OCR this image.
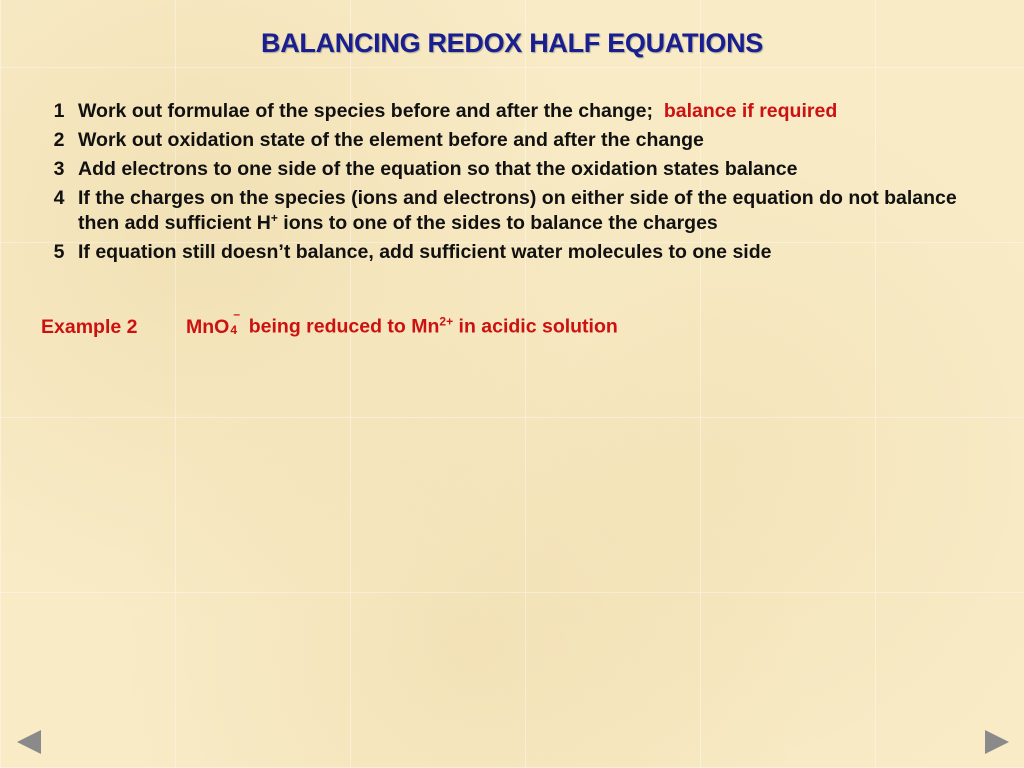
BALANCING REDOX HALF EQUATIONS
1 Work out formulae of the species before and after the change; balance if required
2 Work out oxidation state of the element before and after the change
3 Add electrons to one side of the equation so that the oxidation states balance
4 If the charges on the species (ions and electrons) on either side of the equation do not balance then add sufficient H+ ions to one of the sides to balance the charges
5 If equation still doesn’t balance, add sufficient water molecules to one side
Example 2 MnO 4
–
being reduced to $Mn^{2+}$ in acidic solution
